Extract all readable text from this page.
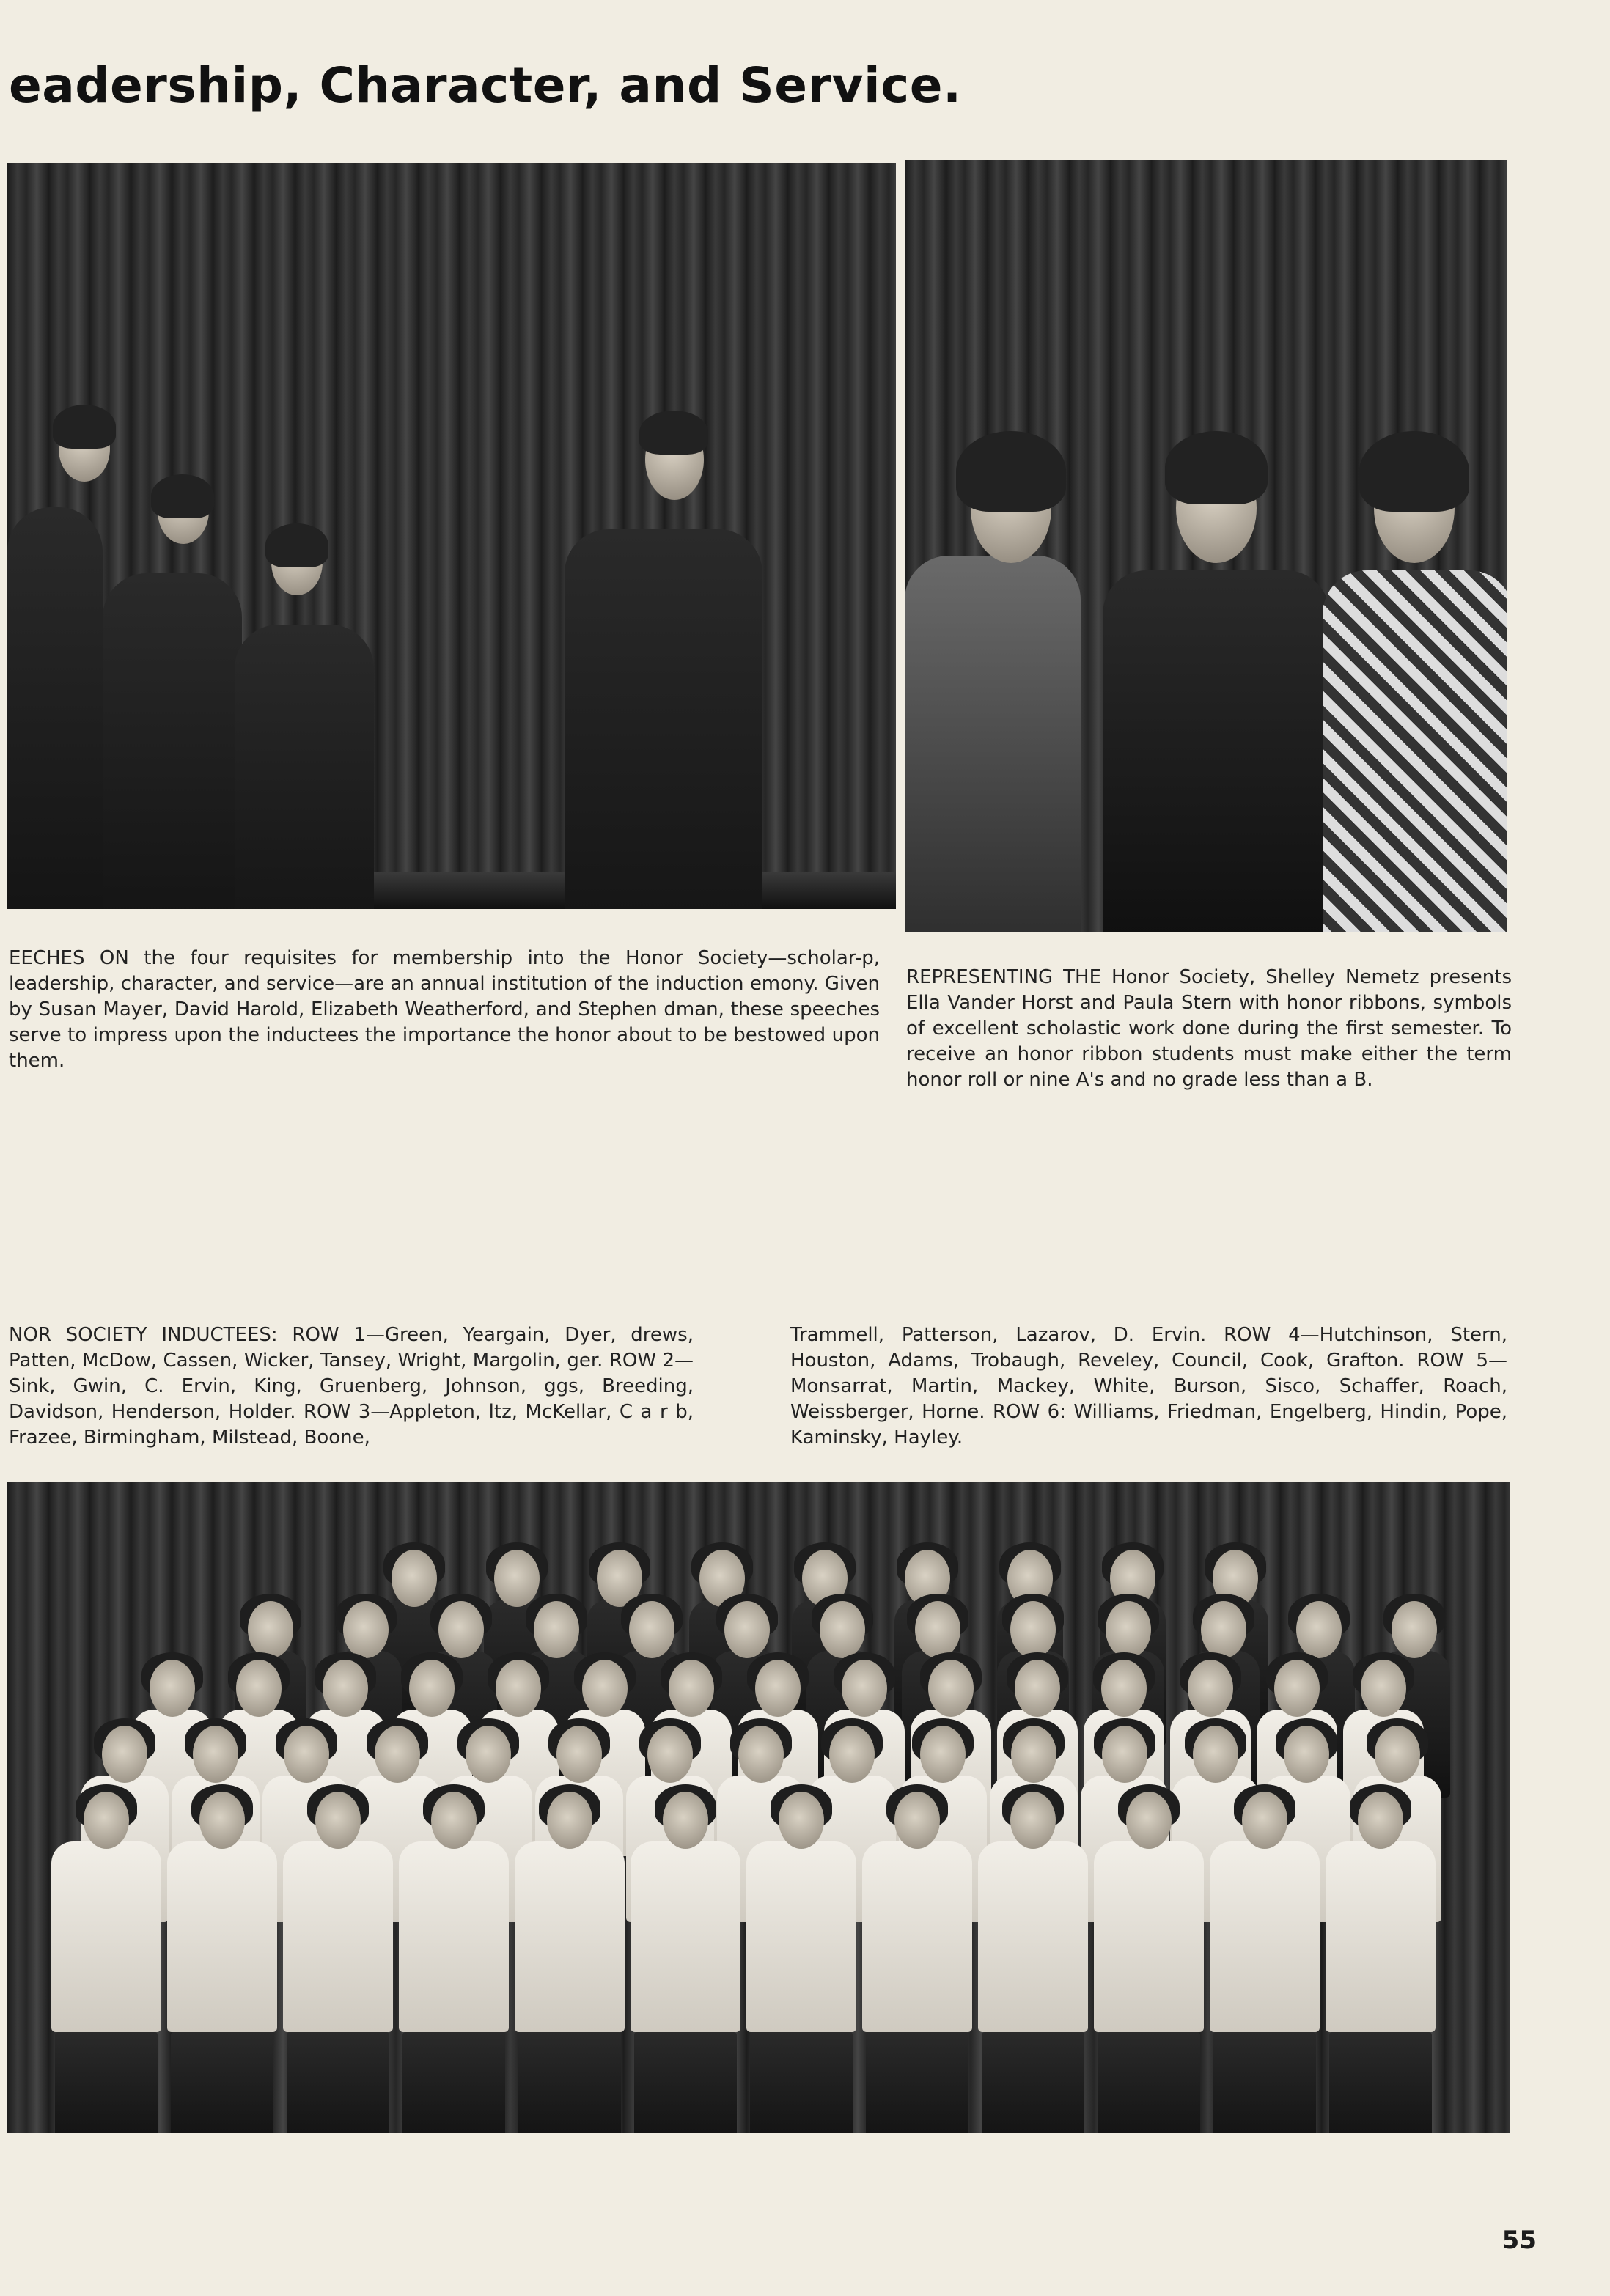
eadership, Character, and Service.

EECHES ON the four requisites for membership into the Honor Society—scholar-p, leadership, character, and service—are an annual institution of the induction emony. Given by Susan Mayer, David Harold, Elizabeth Weatherford, and Stephen dman, these speeches serve to impress upon the inductees the importance the honor about to be bestowed upon them.

REPRESENTING THE Honor Society, Shelley Nemetz presents Ella Vander Horst and Paula Stern with honor ribbons, symbols of excellent scholastic work done during the first semester. To receive an honor ribbon students must make either the term honor roll or nine A's and no grade less than a B.

NOR SOCIETY INDUCTEES: ROW 1—Green, Yeargain, Dyer, drews, Patten, McDow, Cassen, Wicker, Tansey, Wright, Margolin, ger. ROW 2—Sink, Gwin, C. Ervin, King, Gruenberg, Johnson, ggs, Breeding, Davidson, Henderson, Holder. ROW 3—Appleton, ltz, McKellar, C a r b, Frazee, Birmingham, Milstead, Boone,

Trammell, Patterson, Lazarov, D. Ervin. ROW 4—Hutchinson, Stern, Houston, Adams, Trobaugh, Reveley, Council, Cook, Grafton. ROW 5—Monsarrat, Martin, Mackey, White, Burson, Sisco, Schaffer, Roach, Weissberger, Horne. ROW 6: Williams, Friedman, Engelberg, Hindin, Pope, Kaminsky, Hayley.

55
